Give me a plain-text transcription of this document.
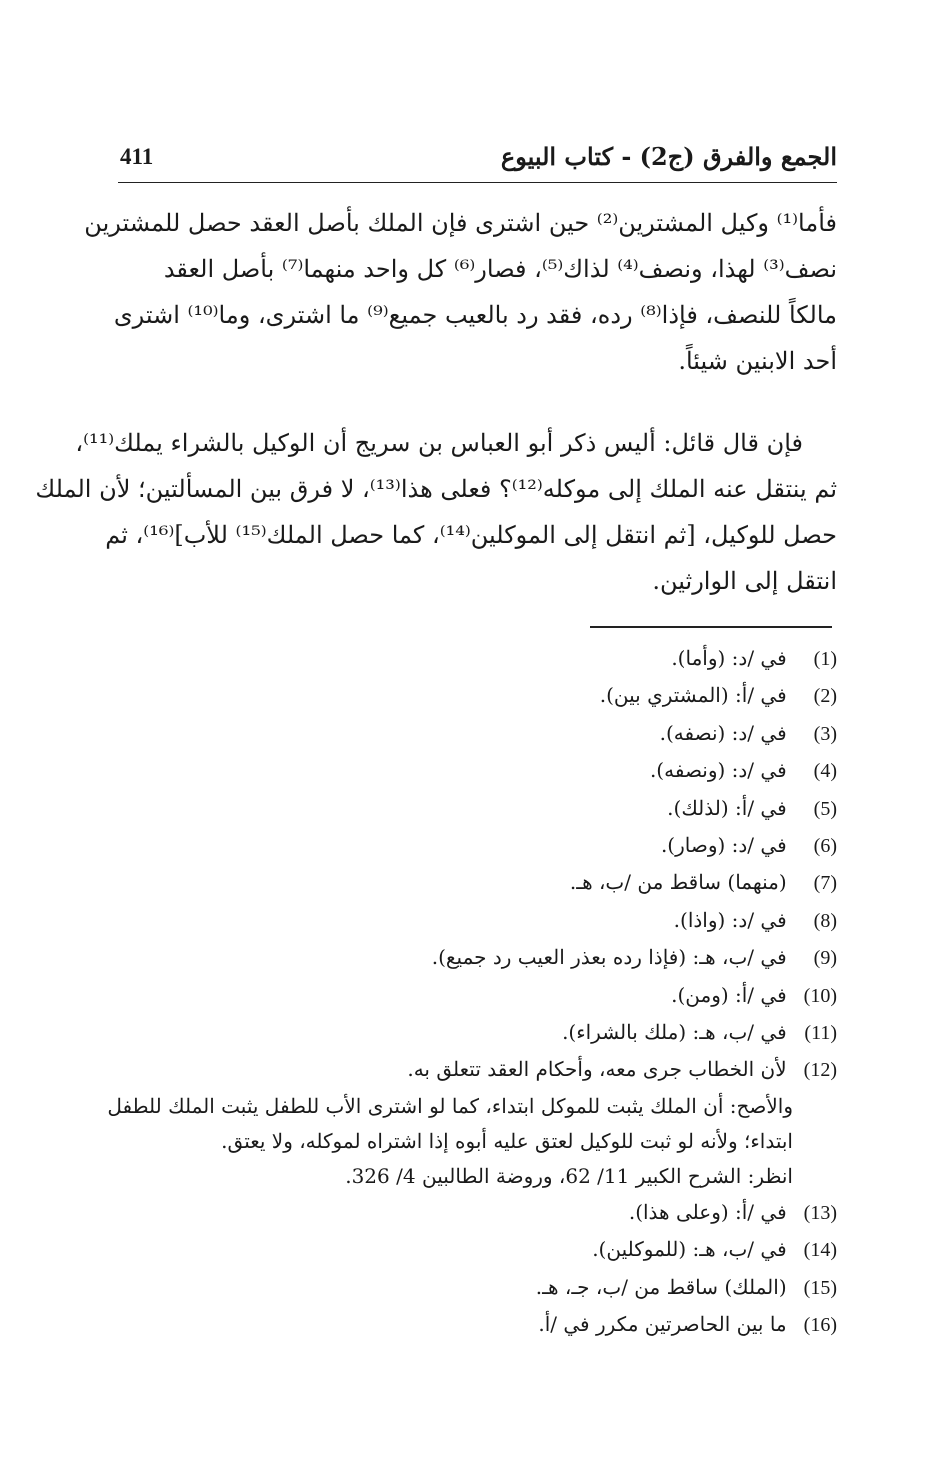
الجمع والفرق (ج2) - كتاب البيوع
411
فأما⁽¹⁾ وكيل المشترين⁽²⁾ حين اشترى فإن الملك بأصل العقد حصل للمشترين
نصف⁽³⁾ لهذا، ونصف⁽⁴⁾ لذاك⁽⁵⁾، فصار⁽⁶⁾ كل واحد منهما⁽⁷⁾ بأصل العقد
مالكاً للنصف، فإذا⁽⁸⁾ رده، فقد رد بالعيب جميع⁽⁹⁾ ما اشترى، وما⁽¹⁰⁾ اشترى
أحد الابنين شيئاً.
فإن قال قائل: أليس ذكر أبو العباس بن سريج أن الوكيل بالشراء يملك⁽¹¹⁾،
ثم ينتقل عنه الملك إلى موكله⁽¹²⁾؟ فعلى هذا⁽¹³⁾، لا فرق بين المسألتين؛ لأن الملك
حصل للوكيل، [ثم انتقل إلى الموكلين⁽¹⁴⁾، كما حصل الملك⁽¹⁵⁾ للأب]⁽¹⁶⁾، ثم
انتقل إلى الوارثين.
(1) في /د: (وأما).
(2) في /أ: (المشتري بين).
(3) في /د: (نصفه).
(4) في /د: (ونصفه).
(5) في /أ: (لذلك).
(6) في /د: (وصار).
(7) (منهما) ساقط من /ب، هـ.
(8) في /د: (واذا).
(9) في /ب، هـ: (فإذا رده بعذر العيب رد جميع).
(10) في /أ: (ومن).
(11) في /ب، هـ: (ملك بالشراء).
(12) لأن الخطاب جرى معه، وأحكام العقد تتعلق به.
والأصح: أن الملك يثبت للموكل ابتداء، كما لو اشترى الأب للطفل يثبت الملك للطفل
ابتداء؛ ولأنه لو ثبت للوكيل لعتق عليه أبوه إذا اشتراه لموكله، ولا يعتق.
انظر: الشرح الكبير 11/ 62، وروضة الطالبين 4/ 326.
(13) في /أ: (وعلى هذا).
(14) في /ب، هـ: (للموكلين).
(15) (الملك) ساقط من /ب، جـ، هـ.
(16) ما بين الحاصرتين مكرر في /أ.
